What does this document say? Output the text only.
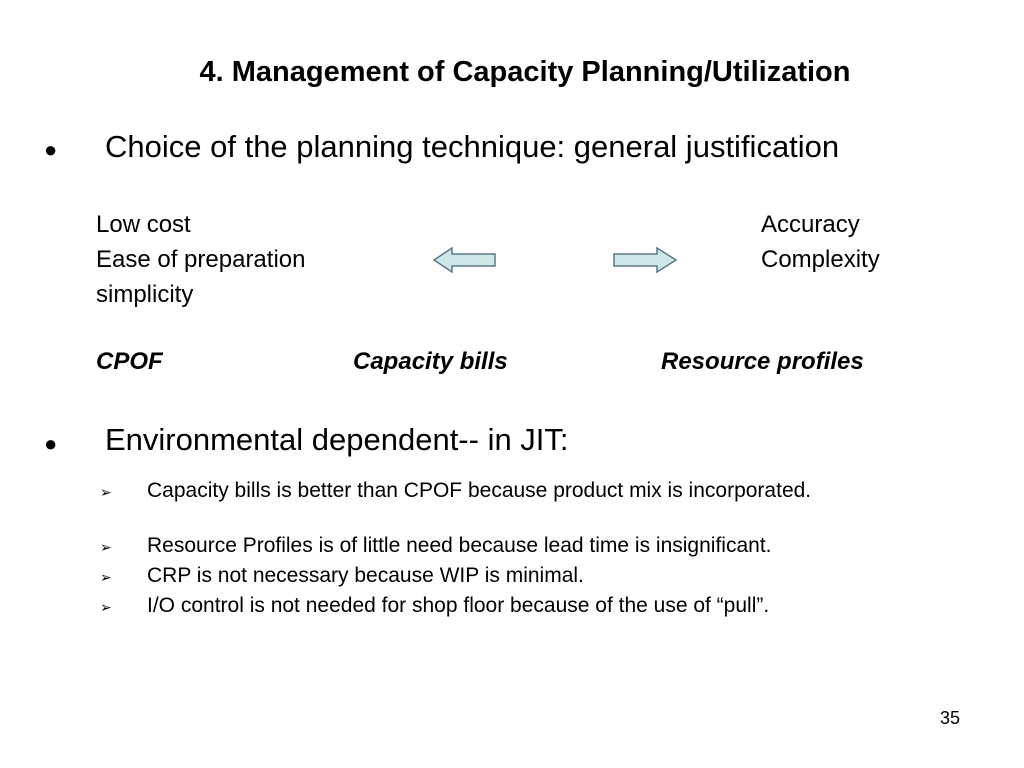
4. Management of Capacity Planning/Utilization
● Choice of the planning technique: general justification
Low cost
Ease of preparation
simplicity
Accuracy
Complexity
CPOF	Capacity bills	Resource profiles
● Environmental dependent-- in JIT:
➢ Capacity bills is better than CPOF because product mix is incorporated.
➢ Resource Profiles is of little need because lead time is insignificant.
➢ CRP is not necessary because WIP is minimal.
➢ I/O control is not needed for shop floor because of the use of “pull”.
35
